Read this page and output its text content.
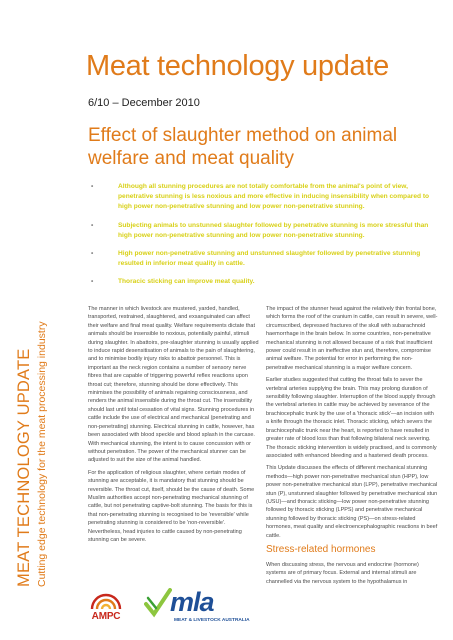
MEAT TECHNOLOGY UPDATE Cutting edge technology for the meat processing industry
Meat technology update
6/10 – December 2010
Effect of slaughter method on animal welfare and meat quality
•	Although all stunning procedures are not totally comfortable from the animal's point of view, penetrative stunning is less noxious and more effective in inducing insensibility when compared to high power non-penetrative stunning and low power non-penetrative stunning.
•	Subjecting animals to unstunned slaughter followed by penetrative stunning is more stressful than high power non-penetrative stunning and low power non-penetrative stunning.
•	High power non-penetrative stunning and unstunned slaughter followed by penetrative stunning resulted in inferior meat quality in cattle.
•	Thoracic sticking can improve meat quality.

The manner in which livestock are mustered, yarded, handled, transported, restrained, slaughtered, and exsanguinated can affect their welfare and final meat quality. Welfare requirements dictate that animals should be insensible to noxious, potentially painful, stimuli during slaughter. In abattoirs, pre-slaughter stunning is usually applied to induce rapid desensitisation of animals to the pain of slaughtering, and to minimise bodily injury risks to abattoir personnel. This is important as the neck region contains a number of sensory nerve fibres that are capable of triggering powerful reflex reactions upon throat cut; therefore, stunning should be done effectively. This minimises the possibility of animals regaining consciousness, and renders the animal insensible during the throat cut. The insensibility should last until total cessation of vital signs. Stunning procedures in cattle include the use of electrical and mechanical (penetrating and non-penetrating) stunning. Electrical stunning in cattle, however, has been associated with blood speckle and blood splash in the carcase. With mechanical stunning, the intent is to cause concussion with or without penetration. The power of the mechanical stunner can be adjusted to suit the size of the animal handled.

For the application of religious slaughter, where certain modes of stunning are acceptable, it is mandatory that stunning should be reversible. The throat cut, itself, should be the cause of death. Some Muslim authorities accept non-penetrating mechanical stunning of cattle, but not penetrating captive-bolt stunning. The basis for this is that non-penetrating stunning is recognised to be 'reversible' while penetrating stunning is considered to be 'non-reversible'. Nevertheless, head injuries to cattle caused by non-penetrating stunning can be severe.

The impact of the stunner head against the relatively thin frontal bone, which forms the roof of the cranium in cattle, can result in severe, well-circumscribed, depressed fractures of the skull with subarachnoid haemorrhage in the brain below. In some countries, non-penetrative mechanical stunning is not allowed because of a risk that insufficient power could result in an ineffective stun and, therefore, compromise animal welfare. The potential for error in performing the non-penetrative mechanical stunning is a major welfare concern.

Earlier studies suggested that cutting the throat fails to sever the vertebral arteries supplying the brain. This may prolong duration of sensibility following slaughter. Interruption of the blood supply through the vertebral arteries in cattle may be achieved by severance of the brachiocephalic trunk by the use of a 'thoracic stick'—an incision with a knife through the thoracic inlet. Thoracic sticking, which severs the brachiocephalic trunk near the heart, is reported to have resulted in greater rate of blood loss than that following bilateral neck severing. The thoracic sticking intervention is widely practised, and is commonly associated with enhanced bleeding and a hastened death process.

This Update discusses the effects of different mechanical stunning methods—high power non-penetrative mechanical stun (HPP), low power non-penetrative mechanical stun (LPP), penetrative mechanical stun (P), unstunned slaughter followed by penetrative mechanical stun (USU)—and thoracic sticking—low power non-penetrative stunning followed by thoracic sticking (LPPS) and penetrative mechanical stunning followed by thoracic sticking (PS)—on stress-related hormones, meat quality and electroencephalographic reactions in beef cattle.

Stress-related hormones

When discussing stress, the nervous and endocrine (hormone) systems are of primary focus. External and internal stimuli are channelled via the nervous system to the hypothalamus in

AMPC mla
MEAT & LIVESTOCK AUSTRALIA
